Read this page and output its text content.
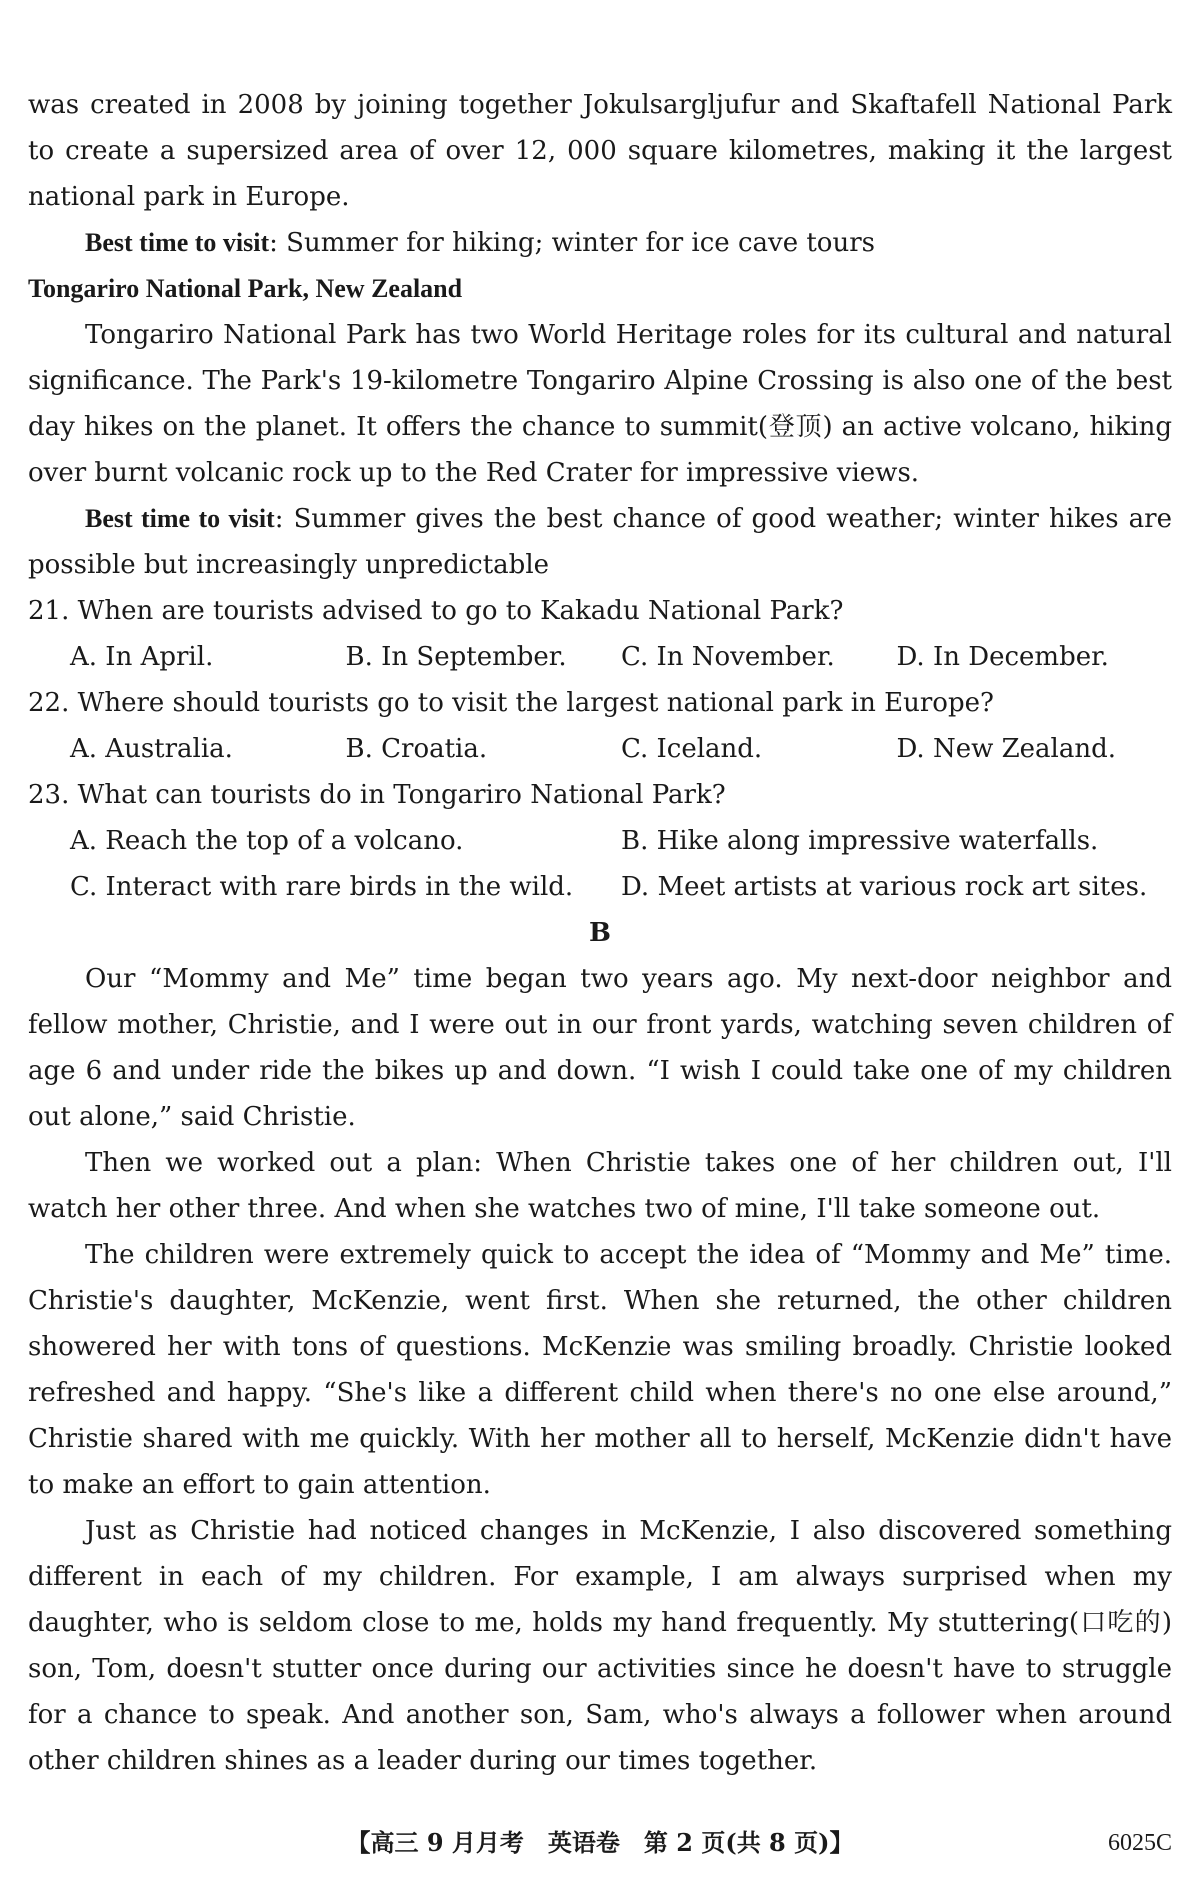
was created in 2008 by joining together Jokulsargljufur and Skaftafell National Park to create a supersized area of over 12, 000 square kilometres, making it the largest national park in Europe.

Best time to visit: Summer for hiking; winter for ice cave tours

Tongariro National Park, New Zealand

Tongariro National Park has two World Heritage roles for its cultural and natural significance. The Park's 19-kilometre Tongariro Alpine Crossing is also one of the best day hikes on the planet. It offers the chance to summit(登顶) an active volcano, hiking over burnt volcanic rock up to the Red Crater for impressive views.

Best time to visit: Summer gives the best chance of good weather; winter hikes are possible but increasingly unpredictable

21. When are tourists advised to go to Kakadu National Park?

A. In April.	B. In September.	C. In November.	D. In December.

22. Where should tourists go to visit the largest national park in Europe?

A. Australia.	B. Croatia.	C. Iceland.	D. New Zealand.

23. What can tourists do in Tongariro National Park?

A. Reach the top of a volcano.	B. Hike along impressive waterfalls.
C. Interact with rare birds in the wild.	D. Meet artists at various rock art sites.

B

Our “Mommy and Me” time began two years ago. My next-door neighbor and fellow mother, Christie, and I were out in our front yards, watching seven children of age 6 and under ride the bikes up and down. “I wish I could take one of my children out alone,” said Christie.

Then we worked out a plan: When Christie takes one of her children out, I'll watch her other three. And when she watches two of mine, I'll take someone out.

The children were extremely quick to accept the idea of “Mommy and Me” time. Christie's daughter, McKenzie, went first. When she returned, the other children showered her with tons of questions. McKenzie was smiling broadly. Christie looked refreshed and happy. “She's like a different child when there's no one else around,” Christie shared with me quickly. With her mother all to herself, McKenzie didn't have to make an effort to gain attention.

Just as Christie had noticed changes in McKenzie, I also discovered something different in each of my children. For example, I am always surprised when my daughter, who is seldom close to me, holds my hand frequently. My stuttering(口吃的) son, Tom, doesn't stutter once during our activities since he doesn't have to struggle for a chance to speak. And another son, Sam, who's always a follower when around other children shines as a leader during our times together.

【高三 9 月月考　英语卷　第 2 页(共 8 页)】	6025C
